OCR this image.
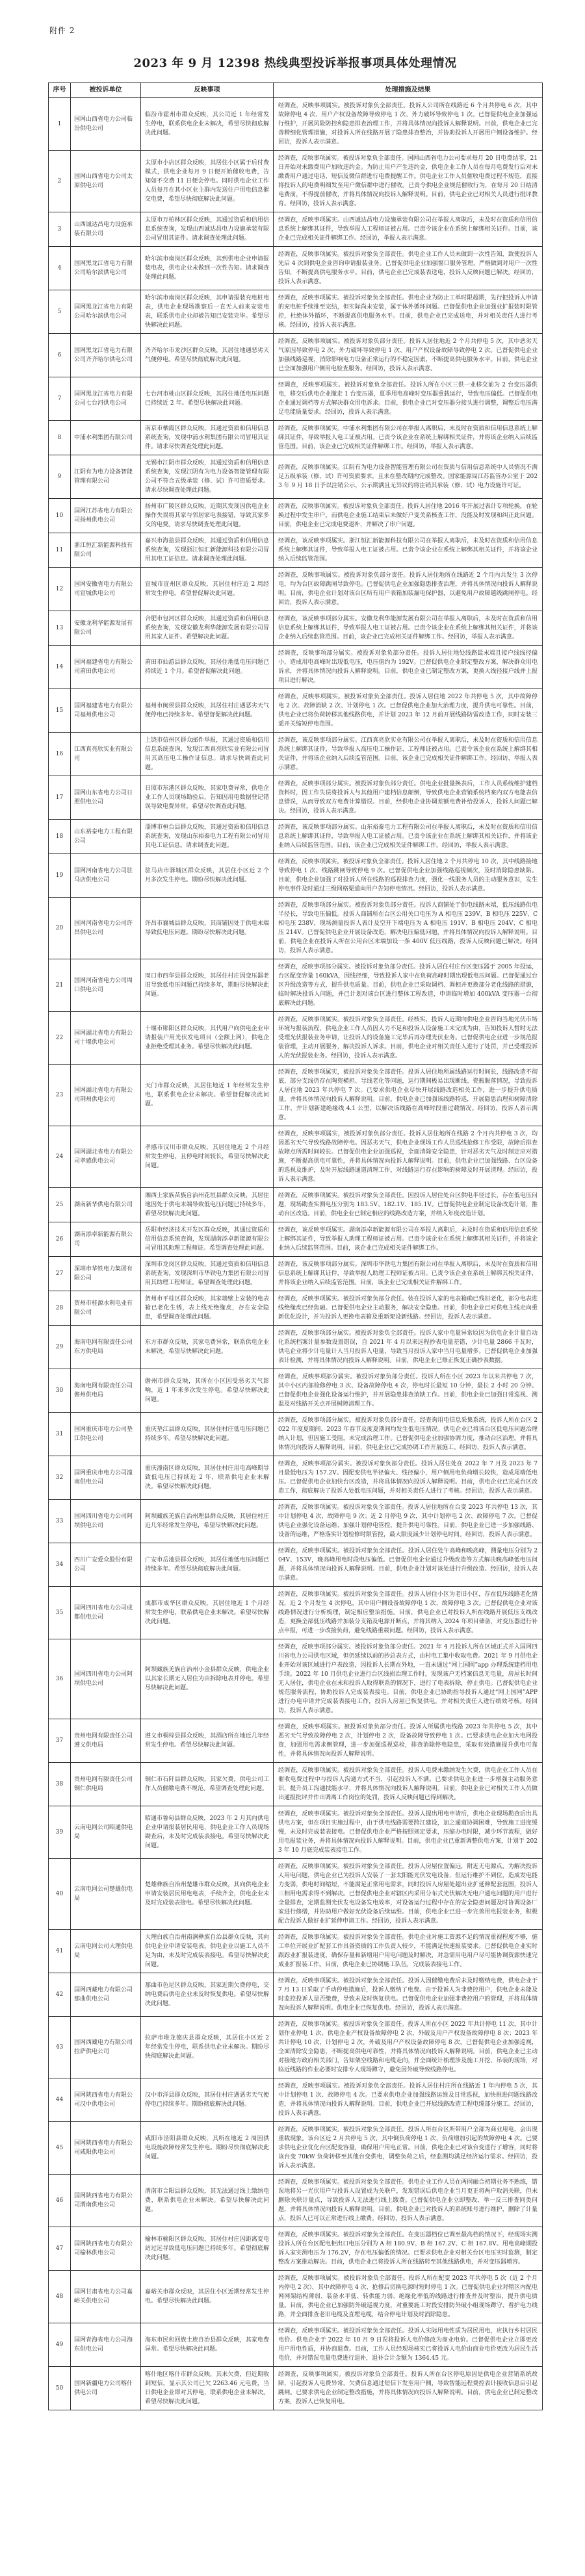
附件 2
2023 年 9 月 12398 热线典型投诉举报事项具体处理情况
序号	被投诉单位	反映事项	处理措施及结果
1	国网山西省电力公司临汾供电公司	临汾市霍州市群众反映，其公司近 1 年经常发生停电，联系供电企业未解决，希望尽快彻底解决此问题。	经调查，反映事项属实。被投诉对象负全部责任。投诉人公司所在线路近 6 个月共停电 6 次，其中故障停电 4 次、用户产权设备故障导致停电 1 次、外力破坏导致停电 1 次。已督促供电企业加强运行维护，开展风险防控和隐患排查治理工作，并将具体情况向投诉人解释说明。目前，供电企业已完善精细化管理措施，对投诉人所在线路开展了隐患排查整治，并协助投诉人开展用户侧设备维护。经回访，投诉人表示满意。
2	国网山西省电力公司太原供电公司	太原市小店区群众反映，其居住小区属于后付费模式，供电企业每月 9 日便开始催收电费，告知如不交费 11 日便会停电。同时供电企业工作人员每月在其小区业主群内发送住户用电信息催交电费，希望尽快彻底解决此问题。	经调查，反映事项属实。被投诉对象负全部责任。国网山西省电力公司要求每月 20 日电费结零，21 日开始对未缴费用户加收违约金。为防止用户产生违约金，供电企业工作人员在每月电费发行后对未缴费用户通过电话、短信及微信群进行电费提醒工作。供电企业工作人员催收电费过程不规范，直接将投诉人的电费明细发至用户微信群中进行催收。已责令供电企业规范催收行为，在每月 20 日结清电费前，不得提前催收，并将具体情况向投诉人解释说明。目前，供电企业已对相关人员进行批评教育。经回访，投诉人表示满意。
3	山西诚达昌电力设施承装有限公司	太原市万柏林区群众反映，其通过资质和信用信息系统查询，发现山西诚达昌电力设施承装有限公司冒用其证件。请求调查处理此问题。	经调查，反映事项属实。山西诚达昌电力设施承装有限公司在举报人离职后，未及时在资质和信用信息系统上解绑其证件，导致举报人工程师证被占用。已责令该企业在系统上解绑相关证件。目前，该企业已完成相关证件解绑工作。经回访，举报人表示满意。
4	国网黑龙江省电力有限公司哈尔滨供电公司	哈尔滨市南岗区群众反映，其到供电企业申请报装电表，供电企业未做到一次性告知。请求调查处理此问题。	经调查，反映事项属实。被投诉对象负全部责任。供电企业工作人员未做到一次性告知，致使投诉人先后 4 次到供电企业咨询申请报装业务。已督促供电企业加强窗口服务管理，严格做到对用户一次性告知，不断提高供电服务水平。目前，供电企业已完成装表送电，投诉人反映问题已解决。经回访，投诉人表示满意。
5	国网黑龙江省电力有限公司哈尔滨供电公司	哈尔滨市南岗区群众反映，其申请报装充电桩电表，供电企业现场勘察后一直无人前来安装电表，联系供电企业却被告知已安装完毕。希望尽快解决此问题。	经调查，反映事项属实。被投诉对象负全部责任。供电企业为防止工单时限超期，先行把投诉人申请的充电桩手续推至完结，但实际尚未安装，属于体外循环问题。已督促供电企业加强业扩报装时限管控，杜绝体外循环，不断提高供电服务水平。目前，供电企业已完成送电，并对相关责任人进行考核。经回访，投诉人表示满意。
6	国网黑龙江省电力有限公司齐齐哈尔供电公司	齐齐哈尔市龙沙区群众反映，其居住地遇恶劣天气便停电。希望尽快彻底解决此问题。	经调查，反映事项属实。被投诉对象负部分责任。投诉人居住地近 2 个月共停电 5 次，其中恶劣天气原因导致停电 2 次、外力破坏导致停电 1 次、用户产权设备故障导致停电 2 次。已督促供电企业加强线路巡视，消除影响电力设备正常运行的不稳定因素，不断提高供电服务水平。目前，供电企业已全面加强用户侧用电检查服务。经回访，投诉人表示满意。
7	国网黑龙江省电力有限公司七台河供电公司	七台河市桃山区群众反映，其居住地低电压问题已持续近 2 年。希望尽快解决此问题。	经调查，反映事项属实。被投诉对象负全部责任。投诉人所在小区三供一业移交前为 2 台变压器供电，移交后供电企业撤走 1 台变压器，夏季用电高峰时变压器重载运行，导致电压偏低。已督促供电企业通过调档等方式解决群众用电诉求。目前，供电企业已对变压器分接头进行调整，调整后电压满足电能质量要求。经回访，投诉人表示满意。
8	中浦水利集团有限公司	南京市栖霞区群众反映，其通过资质和信用信息系统查询，发现中浦水利集团有限公司冒用其证件。请求尽快调查处理此问题。	经调查，反映事项属实。中浦水利集团有限公司在举报人离职后，未及时在资质和信用信息系统上解绑其证件，导致举报人电工证被占用。已责令该企业在系统上解绑相关证件，并将该企业纳入后续监管范围。目前，该企业已完成相关证件解绑工作。经回访，举报人表示满意。
9	江阴有为电力设备智能管理有限公司	无锡市江阴市群众反映，其通过资质和信用信息系统查询，发现江阴有为电力设备智能管理有限公司不符合五级承装（修、试）许可资质要求。请求尽快调查处理此问题。	经调查，反映事项属实。江阴有为电力设备智能管理有限公司在资质与信用信息系统中人员情况不满足五级承装（修、试）许可资质要求，且未在整改期内完成整改。国家能源局江苏监管办公室于 2023 年 9 月 18 日予以注销公示，公示期满且无异议的将注销其承装（修、试）电力设施许可证。
10	国网江苏省电力有限公司扬州供电公司	扬州市广陵区群众反映，近期其发现因供电企业操作失误将其家与邻居家电表接错，导致其家多交的电费。请求尽快调查处理此问题。	经调查，反映事项属实。被投诉对象负全部责任。投诉人居住地 2016 年开展过表计专项轮换，在轮换过程中发生串户，而供电企业施工结束后未做好户变关系核查工作，没能及时发现和纠正此问题。目前，供电企业已完成电费退补，并解决了串户问题。
11	浙江恒汇新能源科技有限公司	嘉兴市海盐县群众反映，其通过资质和信用信息系统查询，发现浙江恒汇新能源科技有限公司冒用其电工证信息。请求调查处理此问题。	经调查，该反映事项属实。浙江恒汇新能源科技有限公司在举报人离职后，未及时在资质和信用信息系统上解绑其证件，导致举报人电工证被占用。已责令该企业在系统上解绑其相关证件，并将该企业纳入后续监管范围。
12	国网安徽省电力有限公司宣城供电公司	宣城市宣州区群众反映，其居住村庄近 2 周经常发生停电。希望督促解决此问题。	经调查，反映事项属实。被投诉对象负部分责任。投诉人居住地所在线路近 2 个月内共发生 3 次停电，均为台区故障跳闸导致停电。已督促供电企业加强隐患排查治理，并将具体情况向投诉人解释说明。目前，供电企业计划对该台区所有用户表箱加装漏电保护器，以避免用户故障越级跳闸停电。经回访，投诉人表示满意。
13	安徽龙利华能源发展有限公司	合肥市包河区群众反映，其通过资质和信用信息系统查询，发现安徽龙利华能源发展有限公司冒用其家人证件。希望解决此问题。	经调查，该反映事项部分属实。安徽龙利华能源发展有限公司在举报人离职后，未及时在资质和信用信息系统上解绑其证件，导致举报人电工证被占用。已责令该企业在系统上解绑其相关证件，并将该企业纳入后续监管范围。目前，该企业已完成相关证件解绑工作。经回访，举报人表示满意。
14	国网福建省电力有限公司莆田供电公司	莆田市仙游县群众反映，其居住地低电压问题已持续近 1 个月。希望督促解决此问题。	经调查，反映事项部分属实。被投诉对象负部分责任。投诉人居住地处线路最末端且接户线线径偏小，造成用电高峰时出现低电压，电压值约为 192V。已督促供电企业制定整改方案，解决群众用电诉求，并将具体情况向投诉人解释说明。目前，供电企业已制定整改方案，更换大线径接户线并上报项目进行解决。
15	国网福建省电力有限公司福州供电公司	福州市闽侯县群众反映，其居住村庄遇恶劣天气便停电已持续多年。希望督促解决此问题。	经调查，反映事项属实。被投诉对象负全部责任。投诉人居住地 2022 年共停电 5 次，其中故障停电 2 次、故障消缺 2 次、计划停电 1 次。已督促供电企业加大治理力度，提升供电可靠性。目前，供电企业已将负荷转移其他线路供电，并计划 2023 年 12 月前开展线路防雷改造工作，同时安装三遥开关缩短停电范围。
16	江西真亮欣实业有限公司	上饶市信州区群众邮件举报，其通过资质和信用信息系统查询，发现江西真亮欣实业有限公司冒用其高压电工操作证信息。请求尽快调查此问题。	经调查，该反映事项部分属实。江西真亮欣实业有限公司在举报人离职后，未及时在资质和信用信息系统上解绑其证件，导致举报人高压电工操作证、工程师证被占用。已责令该企业在系统上解绑其相关证件，并将该企业纳入后续监管范围。目前，该企业已完成相关证件解绑工作。经回访，举报人表示满意。
17	国网山东省电力公司日照供电公司	日照市东港区群众反映，其家电费异常，供电企业工作人员现场勘验后，告知因用电数据登记错误导致电费异常。希望尽快调查此问题。	经调查，反映事项部分属实。被投诉对象负部分责任。供电企业批量换表后，工作人员系统维护建档资料时，因工作失误将投诉人与其他用户建档信息颠倒，导致供电企业营销系统档案内双方电能表信息错误，从而导致双方电费计算错误。目前，经供电企业协调差额电费补给投诉人，投诉人问题已解决。经回访，投诉人表示满意。
18	山东裕泰电力工程有限公司	淄博市桓台县群众反映，其通过资质和信用信息系统查询，发现山东裕泰电力工程有限公司冒用其电工证信息。请求调查此问题。	经调查，该反映事项部分属实。山东裕泰电力工程有限公司在举报人离职后，未及时在资质和信用信息系统上解绑其证件，导致举报人电工证被占用。已责令该企业在系统上解绑其相关证件，并将该企业纳入后续监管范围。目前，该企业已完成相关证件解绑工作。经回访，举报人表示满意。
19	国网河南省电力公司驻马店供电公司	驻马店市驿城区群众反映，其居住小区近 2 个月多次发生停电。期盼尽快解决此问题。	经调查，反映事项属实。被投诉对象负全部责任。投诉人居住地 2 个月共停电 10 次，其中线路接地导致停电 1 次、线路跳闸导致停电 9 次。已督促供电企业加强线路巡视频次，及时消除隐患缺陷。目前，供电企业加强了对投诉人所在线路的巡视排查力度，强化一线服务人员的主动服务意识，发生停电事件及时通过三级网格渠道向用户告知停电情况。经回访，投诉人表示满意。
20	国网河南省电力公司许昌供电公司	许昌市襄城县群众反映，其商铺因处于供电末端导致低电压问题。期盼尽快解决此问题。	经调查，反映事项部分属实。被投诉对象负部分责任。投诉人商铺处于供电线路末端，低压线路供电半径长，导致电压偏低。投诉人商铺所在台区公用关口电压为 A 相电压 239V、B 相电压 225V、C 相电压 238V，现场测量投诉人表计及空开下端电压为 A 相电压 191V、B 相电压 204V、C 相电压 214V。已督促供电企业开展设备改造，解决电压偏低问题，并将具体情况向投诉人解释说明。目前，供电企业在投诉人所在公用台区末端加设一条 400V 低压线路，投诉人反映问题已解决。经回访，投诉人表示满意。
21	国网河南省电力公司周口供电公司	周口市西华县群众反映，其居住村庄因变压器老旧导致低电压问题已持续多年，期盼尽快解决此问题。	经调查，反映事项部分属实。被投诉对象负部分责任。投诉人居住村庄台区变压器于 2005 年投运，台区配变容量 160kVA，因线径细，导致投诉人家中在负荷高峰时期出现低电压问题。已督促通过台区升级改造等方式，提升供电质量。目前，供电企业已采取调档、调相并更换部分老化线路的措施，临时解决投诉人问题，并已计划对该台区进行整体工程改造，申请临时增加 400kVA 变压器一台彻底解决此问题。
22	国网湖北省电力有限公司十堰供电公司	十堰市郧阳区群众反映，其代用户向供电企业申请报装户用光伏发电项目（全额上网），供电企业拒绝受理其业务。希望尽快解决此问题。	经调查，反映事项属实。被投诉对象负全部责任。经核实，投诉人近期向供电企业咨询当地光伏市场环境与报装流程，供电企业工作人员因人力不足和投诉人设备施工未完成为由，告知投诉人暂时无法受理光伏报装业务申请，让投诉人的设备施工完毕后再办理光伏业务。已督促供电企业进一步规范报装管理，主动开展服务，解决投诉人诉求。目前，供电企业对相关责任人进行了处罚，并已受理投诉人的光伏报装业务。经回访，投诉人表示满意。
23	国网湖北省电力有限公司荆州供电公司	天门市群众反映，其居住地近 1 年经常发生停电，联系供电企业未解决。希望督促解决此问题。	经调查，反映事项属实，被投诉对象负全部责任。投诉人居住地所属线路运行时间长，线路改造不彻底，部分支线仍存在陶瓷横担、导线老化等问题，运行期间极易出现断线、瓷瓶脱落情况，导致投诉人居住地 2023 年共停电 7 次。已要求供电企业尽快开展线路改造相关工作，进一步提升供电质量，并将具体情况向投诉人解释说明。目前，供电企业已加强该线路特巡，开展隐患治理和树障清除工作，并计划新建绝缘线 4.1 公里，以解决该线路在高峰时段重过载情况。经回访，投诉人表示满意。
24	国网湖北省电力有限公司孝感供电公司	孝感市汉川市群众反映，其居住地近 2 个月经常发生停电，且停电时间较长，希望尽快解决此问题。	经调查，反映事项属实，被投诉对象负部分责任。投诉人居住地所在线路 2 个月内共停电 3 次，均因恶劣天气导致线路故障停电。因恶劣天气，供电企业现场工作人员巡线抢修工作受限，故障后排查故障点所需时间较长。已督促供电企业加强巡视，全面清除安全隐患，针对恶劣天气及时制定应对措施，不断提高供电可靠性，并将具体情况向投诉人解释说明。目前，供电企业已加强线路、台区设备的巡视及维护，及时开展线路通道清理工作，对线路运行存在影响的树障及时开展清理。经回访，投诉人表示满意。
25	湖南新华供电有限公司	湘西土家族苗族自治州花垣县群众反映，其居住地因处于供电末端导致低电压问题已持续多年，希望尽快解决此问题。	经调查，反映事项属实。被投诉对象负全部责任。因投诉人居住处台区供电半径过长，存在低电压问题，现场勘查实测电压分别为 183.5V、182.1V、185.1V。已督促供电企业制定设备改造计划，推动台区改造。目前，供电企业已制定相应的线路改造方案，并纳入年度改造计划。
26	湖南添卓新能源有限公司	岳阳市经济技术开发区群众反映，其通过资质和信用信息系统查询，发现湖南添卓新能源有限公司冒用其助理工程师证。希望调查处理此问题。	经调查，该反映事项属实。湖南添卓新能源有限公司在举报人离职后，未及时在资质和信用信息系统上解绑其证件，导致举报人助理工程师证被占用。已责令该企业在系统上解绑其相关证件，并将该企业纳入后续监管范围。目前，该企业已完成相关证件解绑工作。
27	深圳市华铁电力集团有限公司	深圳市龙岗区群众反映，其通过资质和信用信息系统查询，发现深圳市华铁电力集团有限公司冒用其助理工程师证。希望调查处理此问题。	经调查，该反映事项部分属实。深圳市华铁电力集团有限公司在举报人离职后，未及时在资质和信用信息系统上解绑其证件，导致举报人助理工程师证被占用。已责令该企业在系统上解绑其相关证件，并将该企业纳入后续监管范围。目前，该企业已完成相关证件解绑工作。
28	贺州市桂源水利电业有限公司	贺州市平桂区群众反映，其家墙壁上安装的电表箱已老化生锈，表上线无绝缘皮，存在安全隐患，希望调查处理此问题。	经调查，反映事项属实。被投诉对象负部分责任。装在投诉人家的电表箱确已残旧老化，部分电表进线绝缘皮已经焦融。已督促供电企业主动服务，解决安全隐患。目前，供电企业已对供电主线走向重新优化设计，并为投诉人更换电表箱及重新架设新线路。经回访，投诉人表示满意。
29	海南电网有限责任公司东方供电局	东方市群众反映，其家电费异常，联系供电企业未解决。希望尽快解决此问题。	经调查，反映事项部分属实。被投诉对象负全部责任。投诉人家中电量异常原因为供电企业计量自动化系统档案计量参数设置错误，自 2021 年 4 月以来远程抄表电量差错，少计电量 2866 千瓦时，供电企业将少计电量计入当月投诉人电量，导致当月投诉人家中当月电量增多。已督促供电企业加强表计检测，并将具体情况向投诉人解释说明。目前，供电企业已修正恢复正确抄表数据。
30	海南电网有限责任公司儋州供电局	儋州市群众反映，其所在小区因受恶劣天气影响，近 1 年来多次发生停电。希望尽快解决此问题。	经调查，反映事项部分属实。被投诉对象负部分责任。投诉人所在小区 2023 年以来共停电 7 次，其中小区内部检修停电 3 次、设备故障停电 4 次，停电时长最短 10 分钟，最长 2 小时 20 分钟。已督促供电企业强化设备运行维护，并开展隐患排查消缺工作。目前，供电企业已加强日常巡视、测温及对线路开关点开展树障清理工作。
31	国网重庆市电力公司垫江供电公司	重庆垫江县群众反映，其居住村庄低电压问题已持续多年。希望尽快解决此问题。	经调查，反映事项部分属实。被投诉对象负部分责任。经查询用电信息采集系统，投诉人所在台区 2022 年度夏期间、2023 年春节及度夏期间均发生低电压情况。供电企业已将该台区低电压问题治理纳入计划，但因施工受阻，未完成治理工作。已督促供电企业加强协调力度，推动台区治理，并将具体情况向投诉人解释说明。目前，供电企业已完成协调工作开展施工。经回访，投诉人表示满意。
32	国网重庆市电力公司潼南供电公司	重庆潼南区群众反映，其居住村庄用电高峰期导致低电压已持续近 2 年，联系供电企业未解决。希望尽快解决此问题。	经调查，反映事项部分属实。被投诉对象负部分责任。投诉人居住处在 2022 年 7 月及 2023 年 7 月最低电压为 157.2V。因配变供电半径偏大、线径偏小，用户侧用电负荷增长较快，造成尾端低电压。已督促供电企业加快台区改造，并将具体情况向投诉人解释说明。目前，供电企业已完成台区改造工作，彻底解决了投诉人处低电压问题，并对相关责任人进行了考核。经回访，投诉人表示满意。
33	国网四川省电力公司阿坝供电公司	阿坝藏族羌族自治州理县群众反映，其居住村庄近几年经常发生停电，希望尽快解决此问题。	经调查，反映事项属实。被投诉对象负全部责任。投诉人居住地所在台变 2023 年共停电 13 次，其中计划停电 4 次、故障停电 9 次；近 2 月停电 9 次，其中计划停电 2 次、故障停电 7 次。已督促供电企业强化设备运维、加强计划停电管控，提升供电可靠性。目前，供电企业已进一步加强线路、设备的运维，严格落实计划检修时限管控，最大限度减少计划停电时间。经回访，投诉人表示满意。
34	四川广安爱众股份有限公司	广安市岳池县群众反映，其居住地低电压问题已持续多年。希望尽快彻底解决此问题。	经调查，反映事项属实。被投诉对象负全部责任。投诉人居住处午高峰和晚高峰，测量电压分别为 204V、153V，晚高峰用电时段电压偏低。已督促供电企业通过升级改造等方式解决晚高峰低电压问题，并将具体情况向投诉人解释说明。目前，供电企业计划对该处进行升级改造。经回访，投诉人表示满意。
35	国网四川省电力公司成都供电公司	成都市成华区群众反映，其居住地近 1 个月经常发生停电，联系供电企业未解决。希望尽快解决此问题。	经调查，反映事项属实。被投诉对象负全部责任。投诉人居住小区为老旧小区，存在低压线路老化情况，近 2 个月发生 4 次停电，其中用户侧设备故障停电 1 次、故障停电 3 次。已督促供电企业对该线路情况进行分析梳理，制定相应整治措施。目前，供电企业已对投诉人所在线路开展低压支线改造，更换全部低压线路并加装分支箱及电源开断点，并将其纳入 2024 年项目储备，对变压器进行补点申报，可进一步改接负荷，避免线路重载问题。经回访，投诉人表示满意。
36	国网四川省电力公司阿坝供电公司	阿坝藏族羌族自治州小金县群众反映，供电企业以其家长期无人居住为由拆除电表并停电。希望尽快解决此问题。	经调查，反映事项部分属实。被投诉对象负部分责任。2021 年 4 月投诉人所在区域正式并入国网四川省电力公司供电区域，但仍延续以前的抄总表方式，由村电工集中收取电费。2021 年 9 月供电企业开始对该区域进行户表改造，因投诉人长期在外地，一直未通过“网上国网”app 办理系统建档用电手续。2022 年 10 月供电企业进行台区线损治理工作时，发现该户无档案信息无电量，房屋长时间无人居住，供电企业在未和投诉人取得联系的情况下，进行了电表拆除，停止供电。已督促供电企业规范服务流程，协助投诉人完成装表接电。目前，供电企业已协助指导投诉人通过“网上国网”APP 进行办电申请并完成装表接电工作，投诉人房屋已恢复供电，并对相关责任人进行绩效考核。经回访，投诉人表示满意。
37	贵州电网有限责任公司遵义供电局	遵义市桐梓县群众反映，其酒店所在地近几年经常发生停电。希望尽快解决此问题。	经调查，反映事项属实。被投诉对象负部分责任。投诉人所属供电线路 2023 年共停电 5 次，其中恶劣天气导致故障停电 2 次，计划停电 2 次，设备故障导致停电 1 次。已要求供电企业加大电网投资，加强用电需求侧管理，进一步加强巡视巡检，排查消除停电隐患，采取有效措施提升供电可靠性，并将具体情况向投诉人解释说明。
38	贵州电网有限责任公司铜仁供电局	铜仁市石阡县群众反映，其家欠费，供电公司工作人员催缴电费不规范。希望调查处理此问题。	经调查，反映事项属实。被投诉对象负全部责任。投诉人电费未缴纳发生欠费，供电企业工作人员在催收电费过程中与投诉人沟通方式不当，引起投诉人不满。已要求供电企业进一步增强主动服务意识，提升员工沟通技能水平，并将具体情况向投诉人解释说明。目前，供电企业已对相关工作人员做出通报批评并作出调离工作岗位的处罚，投诉人反映问题已得到解决。
39	云南电网公司昭通供电局	昭通市鲁甸县群众反映，2023 年 2 月其向供电企业申请报装居民用电，供电企业工作人员现场勘查后，未及时完成装表接电。希望尽快解决此问题。	经调查，反映事项属实。被投诉对象负全部责任。投诉人提出用电申请后，供电企业现场勘查后出具供电方案，但在项目实施过程中，由于供电线路需要跨江建设，加之通道协调困难，导致施工进度缓慢，未及时完成装表接电。已督促供电企业严格按照规定要求，压缩办电时限，减少环节流程，做好用电报装业务，并将具体情况向投诉人解释说明。目前，供电企业已重新调整供电方案，计划于 2023 年 10 月底完成装表接电工作。
40	云南电网公司楚雄供电局	楚雄彝族自治州楚雄市群众反映，其向供电企业申请安装居民用电电表，手续齐全，供电企业未及时完成装表接电。希望尽快解决此问题。	经调查，反映事项属实。被投诉对象负全部责任。投诉人房屋位置偏远，附近无电源点，为解决投诉人用电问题，供电企业已为投诉人安装了一套太阳能光伏发电设备，但运行维护不到位，造成发电能力变弱，供电时间缩短，不能满足正常用电需求，同时投诉人房屋处超出业扩延伸配套范围，投诉人三相用电需求得不到解决。已督促供电企业对辖区内采用分布式光伏解决无电户通电问题的用户进行全量排查，定期监测光伏发电设备发电效率，对设备运行过程中存在的安全隐患问题及时协调设备厂家进行修缮，并协助用户做好光伏设备后续运维。目前，供电企业已进一步完善用电报装业务，积极配合投诉人做好业扩延伸申请工作。经回访，投诉人表示满意。
41	云南电网公司大理供电局	大理白族自治州南涧彝族自治县群众反映，其向供电企业申请安装电表，供电企业以施工人员不足为由，未及时完成装表接电。希望尽快解决此问题。	经调查，反映事项属实。被投诉对象负全部责任。供电企业对施工资源不足的情况重视程度不够，施工单位开展业扩配套工作具备资质的工作负责人较少，不能满足快速报装要求。已督促供电企业实时跟踪业扩报装进度，确保存量和新增用户用电问题及时解决，对急需用电用户尽可能协调资源快速完成业扩报装工作。目前，供电企业已协调施工队伍，完成装表接电工作。
42	国网西藏电力有限公司那曲供电公司	那曲市色尼区群众反映，其家近期欠费停电，交纳电费后供电企业未及时恢复供电。希望尽快解决此问题。	经调查，反映事项属实。被投诉对象负全部责任。投诉人因催缴电费后未及时缴纳电费，供电企业于 7 月 13 日采取了手动停电措施后，投诉人缴纳了电费。由于投诉人为非费控用户，供电企业未能及时监控投诉人是否缴费，导致未及时恢复供电。已督促供电企业加强非费控用户的管理，并将具体情况向投诉人解释说明。供电企业已恢复供电。经回访，投诉人表示满意。
43	国网西藏电力有限公司拉萨供电公司	拉萨市堆龙德庆县群众反映，其居住小区近 2 年经常发生停电，联系供电企业未解决。期盼尽快彻底解决此问题。	经调查，反映事项属实。被投诉对象负全部责任。投诉人所在小区 2022 年共计停电 11 次，其中计划作业停电 1 次、供电企业产权设备故障停电 2 次、外破及用户产权设备故障停电 8 次；2023 年共计停电 10 次，计划停电 2 次，外破及用户产权设备故障停电 8 次。已督促供电企业加强巡视，全面清除安全隐患，不断提高供电可靠性，并将具体情况向投诉人解释说明。目前，供电企业已主动对接地方政府相关部门，告知架空线路和电缆走向，并全面统计梳理涉及施工开挖、吊装的现场，对临近线路的作业必要时安排专人现场蹲守，避免因外破导致线路停电。
44	国网陕西省电力有限公司汉中供电公司	汉中市洋县群众反映，其居住村庄遇恶劣天气便停电已持续多年。期盼彻底解决此问题。	经调查，反映事项属实。被投诉对象负全部责任。投诉人居住村庄所在线路近 1 年内停电 5 次，其中计划停电 1 次、故障停电 4 次。已要求供电企业加强线路运维及日常巡视，加快推进问题线路改造，并将具体情况向投诉人解释说明。目前，供电企业已开展线路改造工程电缆部分施工。经回访，投诉人表示满意。
45	国网陕西省电力有限公司咸阳供电公司	咸阳市泾阳县群众反映，其所在地近 2 周因供电设施故障经常发生停电。期盼尽快彻底解决此问题。	经调查，反映事项属实。被投诉对象负全部责任。投诉人所在台区所带用户全部为商业用电，会出现重载现象。该台区近 2 月共停电 5 次，其中倒负荷停电 1 次、负荷增加引起的故障停电 4 次。已要求供电企业优化台区配变容量，确保用户用电正常。目前，供电企业已对该台变进行了增容，同时将该台变 70kW 负荷转移至其他台变供电，调整负荷之后，经监测均满足经济运行需求。经回访，投诉人表示满意。
46	国网陕西省电力有限公司渭南供电公司	渭南市合阳县群众反映，其无法通过线上缴纳电费，联系供电企业未解决。希望尽快解决此问题。	经调查，反映事项属实。被投诉对象负全部责任。供电企业工作人员在两网融合初期业务不熟练，错误地将另一光伏用户与投诉人设置成为关联户，发现错误后供电企业当月更正将两户取消关联，但未删除关联计量点，导致投诉人无法进行线上缴费。已督促供电企业立即整改，举一反三排查同类问题，并将具体情况向投诉人解释说明。目前，供电企业已对投诉人的系统账号进行维护，删除了计量点，投诉人已可以正常进行线上缴费。经回访，投诉人表示满意。
47	国网陕西省电力有限公司榆林供电公司	榆林市榆阳区群众反映，其居住村庄因距离变电站过远导致低电压问题已持续多年。希望彻底解决此问题。	经调查，反映事项属实。被投诉对象负全部责任。在变压器档位已调至最高档的情况下，经现场实测投诉人所在台区配电柜出口电压分别为 A 相 180.9V、B 相 167.2V、C 相 167.8V。用电高峰期投诉人家实测电压为 176.2V，存在电压偏低的情况。已要求供电企业对相关台区电压实时监测，制定整改方案推动解决。目前，供电企业已将投诉人所在线路转至其他线路供电，并对变压器增容。
48	国网甘肃省电力公司嘉峪关供电公司	嘉峪关市群众反映，其居住小区近期经常发生停电。希望尽快解决此问题。	经调查，反映事项属实。被投诉对象负全部责任。投诉人所在配变 2023 年共停电 5 次（近 2 个月内停电 2 次），其中故障停电 4 次、抢修后切换电源时短时停电 1 次。已督促供电企业对辖区内配电网网架结构薄弱、装备水平低、转供能力弱、绝缘化率低的线路进行排查并及时整治，提升供电质量。目前，供电企业已加强防外破巡视力度，对重要施工时段安排防外破小组现场蹲守、看护电力线路，并全面排查老旧电缆及直埋电缆，结合停电计划及时消除隐患。
49	国网青海省电力公司海东供电公司	海东市民和回族土族自治县群众反映，其家电费异常。希望尽快解决此问题。	经调查，反映事项属实。被投诉对象负全部责任。投诉人实际用电性质为居民用电，应执行乡村居民电价。供电企业于 2022 年 10 月 9 日误将投诉人电价修改为商业电价。已督促供电企业立即更改用户用电性质，并协商退费。目前，工作人员经现场核实已将投诉人电价由商业电价更改为居民生活电价，并对错误电量电费进行退补，退补合计金额为 1364.45 元。
50	国网新疆电力公司喀什供电公司	喀什地区喀什市群众反映，其未欠费，但近期收到短信，显示其公司已欠 2263.46 元电费，当日供电企业即对其停电，联系供电企业未解决。希望尽快解决此问题。	经调查，反映事项属实。被投诉对象负全部责任。投诉人所在台区停电原因是供电企业营销系统故障，引起投诉人电费异常，欠费信息通过短信下发至用户侧，导致智能远程费控表计接收信息后引起跳闸。已要求供电企业制定整改措施，并将具体情况向投诉人解释说明。目前，供电企业已制定整改方案，投诉人已恢复用电。
